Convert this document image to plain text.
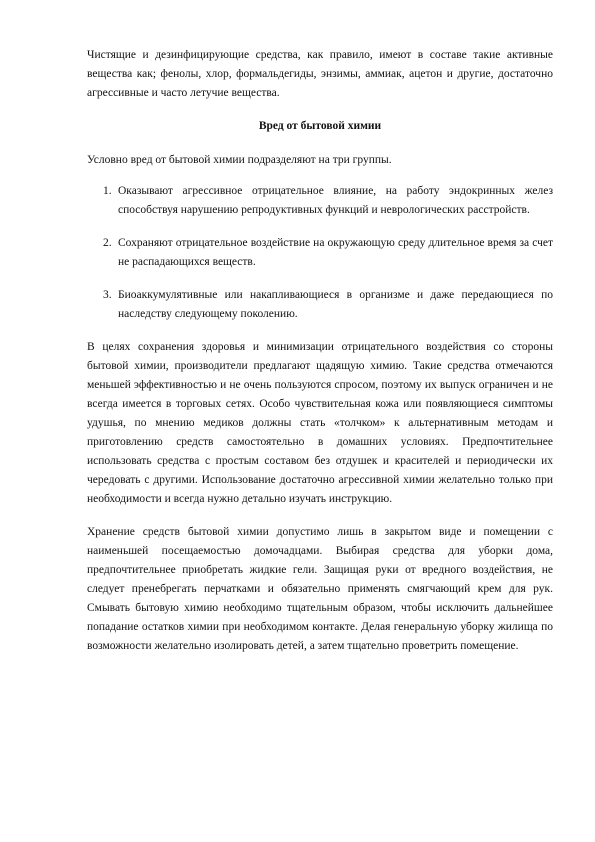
Чистящие и дезинфицирующие средства, как правило, имеют в составе такие активные вещества как; фенолы, хлор, формальдегиды, энзимы, аммиак, ацетон и другие, достаточно агрессивные и часто летучие вещества.

Вред от бытовой химии

Условно вред от бытовой химии подразделяют на три группы.

1. Оказывают агрессивное отрицательное влияние, на работу эндокринных желез способствуя нарушению репродуктивных функций и неврологических расстройств.
2. Сохраняют отрицательное воздействие на окружающую среду длительное время за счет не распадающихся веществ.
3. Биоаккумулятивные или накапливающиеся в организме и даже передающиеся по наследству следующему поколению.

В целях сохранения здоровья и минимизации отрицательного воздействия со стороны бытовой химии, производители предлагают щадящую химию. Такие средства отмечаются меньшей эффективностью и не очень пользуются спросом, поэтому их выпуск ограничен и не всегда имеется в торговых сетях. Особо чувствительная кожа или появляющиеся симптомы удушья, по мнению медиков должны стать «толчком» к альтернативным методам и приготовлению средств самостоятельно в домашних условиях. Предпочтительнее использовать средства с простым составом без отдушек и красителей и периодически их чередовать с другими. Использование достаточно агрессивной химии желательно только при необходимости и всегда нужно детально изучать инструкцию.

Хранение средств бытовой химии допустимо лишь в закрытом виде и помещении с наименьшей посещаемостью домочадцами. Выбирая средства для уборки дома, предпочтительнее приобретать жидкие гели. Защищая руки от вредного воздействия, не следует пренебрегать перчатками и обязательно применять смягчающий крем для рук. Смывать бытовую химию необходимо тщательным образом, чтобы исключить дальнейшее попадание остатков химии при необходимом контакте. Делая генеральную уборку жилища по возможности желательно изолировать детей, а затем тщательно проветрить помещение.
